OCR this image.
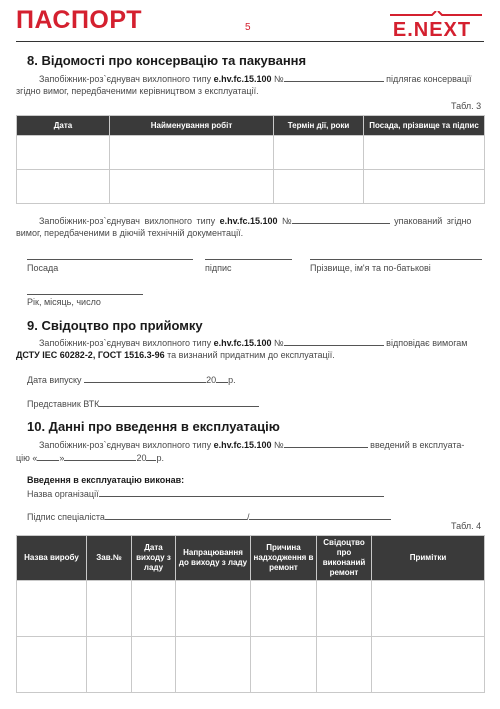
ПАСПОРТ	5	E.NEXT
8. Відомості про консервацію та пакування
Запобіжник-роз`єднувач вихлопного типу e.hv.fc.15.100 №	підлягає консервації
згідно вимог, передбаченими керівництвом з експлуатації.
Табл. 3
Дата	Найменування робіт	Термін дії, роки	Посада, прізвище та підпис

Запобіжник-роз`єднувач вихлопного типу e.hv.fc.15.100 №	упакований згідно
вимог, передбаченими в діючій технічній документації.
Посада	підпис	Прізвище, ім'я та по-батькові
Рік, місяць, число
9. Свідоцтво про прийомку
Запобіжник-роз`єднувач вихлопного типу e.hv.fc.15.100 №	відповідає вимогам
ДСТУ IEC 60282-2, ГОСТ 1516.3-96 та визнаний придатним до експлуатації.
Дата випуску	20 р.
Представник ВТК
10. Данні про введення в експлуатацію
Запобіжник-роз`єднувач вихлопного типу e.hv.fc.15.100 №	введений в експлуата-
цію « »	20 р.
Введення в експлуатацію виконав:
Назва організації
Підпис спеціаліста	/
Табл. 4
Назва виробу	Зав.№	Дата виходу з ладу	Напрацювання до виходу з ладу	Причина надходження в ремонт	Свідоцтво про виконаний ремонт	Примітки
